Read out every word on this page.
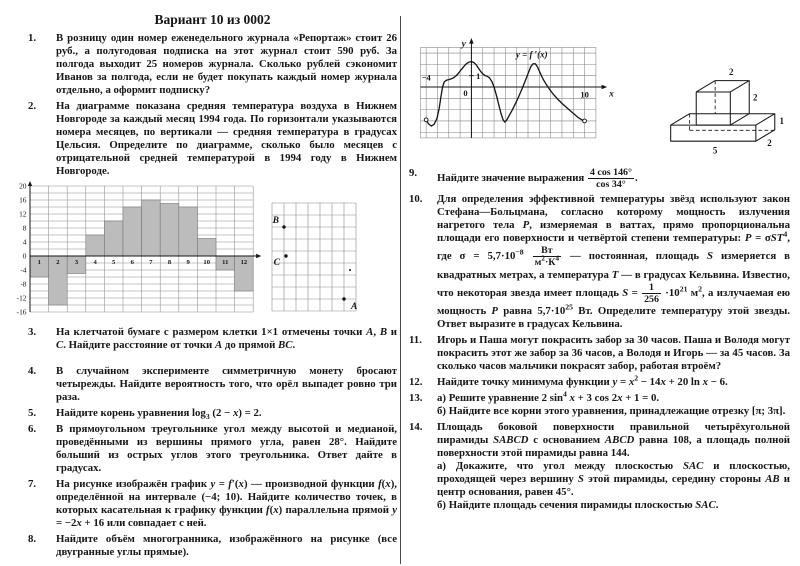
Вариант 10 из 0002
1.	В розницу один номер еженедельного журнала «Репортаж» стоит 26 руб., а полугодовая подписка на этот журнал стоит 590 руб. За полгода выходит 25 номеров журнала. Сколько рублей сэкономит Иванов за полгода, если не будет покупать каждый номер журнала отдельно, а оформит подписку?
2.	На диаграмме показана средняя температура воздуха в Нижнем Новгороде за каждый месяц 1994 года. По горизонтали указываются номера месяцев, по вертикали — средняя температура в градусах Цельсия. Определите по диаграмме, сколько было месяцев с отрицательной средней температурой в 1994 году в Нижнем Новгороде.
1 2 3 4 5 6 7 8 9 10 11 12
20
16
12
8
4
0
-4
-8
-12
-16
B
C
A
3.	На клетчатой бумаге с размером клетки 1×1 отмечены точки A, B и C. Найдите расстояние от точки A до прямой BC.
4.	В случайном эксперименте симметричную монету бросают четырежды. Найдите вероятность того, что орёл выпадет ровно три раза.
5.	Найдите корень уравнения $\log_3 (2 - x) = 2$.
6.	В прямоугольном треугольнике угол между высотой и медианой, проведёнными из вершины прямого угла, равен 28°. Найдите больший из острых углов этого треугольника. Ответ дайте в градусах.
7.	На рисунке изображён график y = f′(x) — производной функции f(x), определённой на интервале (−4; 10). Найдите количество точек, в которых касательная к графику функции f(x) параллельна прямой y = −2x + 16 или совпадает с ней.
8.	Найдите объём многогранника, изображённого на рисунке (все двугранные углы прямые).
0
1
−4
10
y
x
y = f ′(x)
2
2
1
2
5
9.	Найдите значение выражения $\frac{4 \cos 146^\circ}{\cos 34^\circ}$ .
10.	Для определения эффективной температуры звёзд используют закон Стефана—Больцмана, согласно которому мощность излучения нагретого тела P, измеряемая в ваттах, прямо пропорциональна площади его поверхности и четвёртой степени температуры: P = σST$^4$, где $\sigma = 5,7\cdot 10^{-8} \frac{Вт}{м^2\cdot К^4}$ — постоянная, площадь S измеряется в квадратных метрах, а температура T — в градусах Кельвина. Известно, что некоторая звезда имеет площадь $S = \frac{1}{256} \cdot 10^{21}$ $м^2$, а излучаемая ею мощность P равна $5,7\cdot 10^{25}$ Вт. Определите температуру этой звезды. Ответ выразите в градусах Кельвина.
11.	Игорь и Паша могут покрасить забор за 30 часов. Паша и Володя могут покрасить этот же забор за 36 часов, а Володя и Игорь — за 45 часов. За сколько часов мальчики покрасят забор, работая втроём?
12.	Найдите точку минимума функции $y = x^2 - 14x + 20$ ln x − 6.
13.	а) Решите уравнение 2 $\sin^4 x + 3$ cos 2x + 1 = 0.
б) Найдите все корни этого уравнения, принадлежащие отрезку [π; 3π].
14.	Площадь боковой поверхности правильной четырёхугольной пирамиды SABCD с основанием ABCD равна 108, а площадь полной поверхности этой пирамиды равна 144.
а) Докажите, что угол между плоскостью SAC и плоскостью, проходящей через вершину S этой пирамиды, середину стороны AB и центр основания, равен 45°.
б) Найдите площадь сечения пирамиды плоскостью SAC.
